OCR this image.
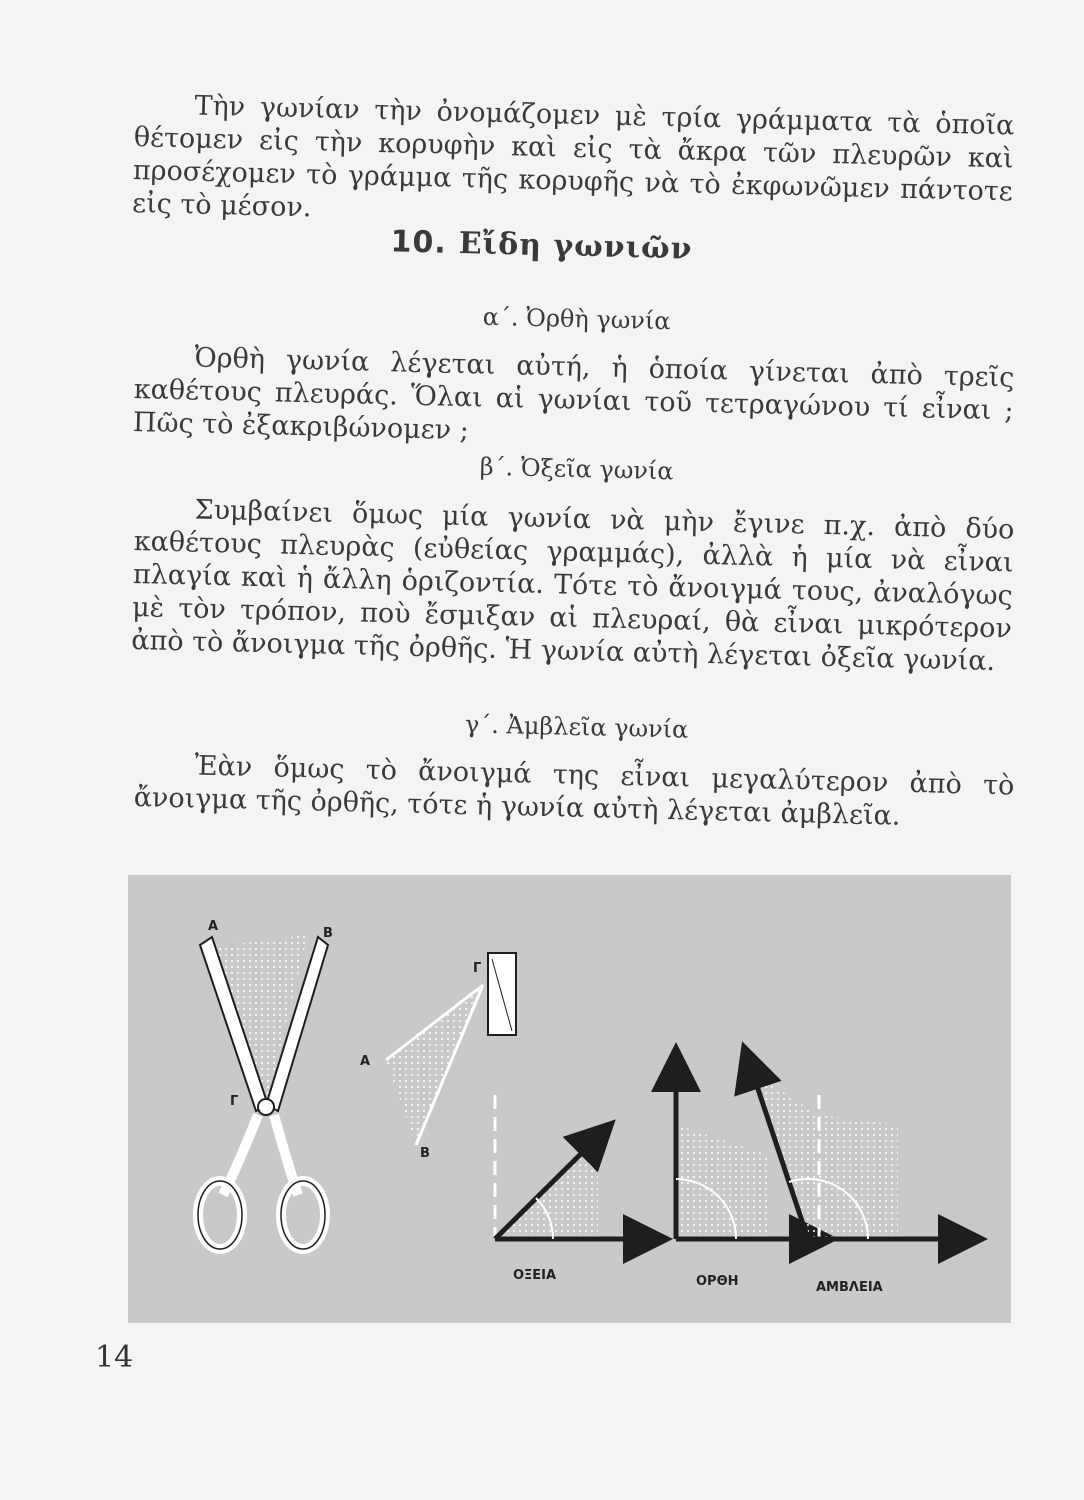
Τὴν γωνίαν τὴν ὀνομάζομεν μὲ τρία γράμματα τὰ ὁποῖα θέτομεν εἰς τὴν κορυφὴν καὶ εἰς τὰ ἄκρα τῶν πλευρῶν καὶ προσέχομεν τὸ γράμμα τῆς κορυφῆς νὰ τὸ ἐκφωνῶμεν πάντοτε εἰς τὸ μέσον.

10. Εἴδη γωνιῶν
α΄. Ὀρθὴ γωνία

Ὀρθὴ γωνία λέγεται αὐτή, ἡ ὁποία γίνεται ἀπὸ τρεῖς καθέτους πλευράς. Ὅλαι αἱ γωνίαι τοῦ τετραγώνου τί εἶναι ; Πῶς τὸ ἐξακριβώνομεν ;

β΄. Ὀξεῖα γωνία

Συμβαίνει ὅμως μία γωνία νὰ μὴν ἔγινε π.χ. ἀπὸ δύο καθέτους πλευρὰς (εὐθείας γραμμάς), ἀλλὰ ἡ μία νὰ εἶναι πλαγία καὶ ἡ ἄλλη ὁριζοντία. Τότε τὸ ἄνοιγμά τους, ἀναλόγως μὲ τὸν τρόπον, ποὺ ἔσμιξαν αἱ πλευραί, θὰ εἶναι μικρότερον ἀπὸ τὸ ἄνοιγμα τῆς ὀρθῆς. Ἡ γωνία αὐτὴ λέγεται ὀξεῖα γωνία.

γ΄. Ἀμβλεῖα γωνία

Ἐὰν ὅμως τὸ ἄνοιγμά της εἶναι μεγαλύτερον ἀπὸ τὸ ἄνοιγμα τῆς ὀρθῆς, τότε ἡ γωνία αὐτὴ λέγεται ἀμβλεῖα.

Α	Β
Γ
Γ
Α
Β
ΟΞΕΙΑ	ΟΡΘΗ	ΑΜΒΛΕΙΑ
14
